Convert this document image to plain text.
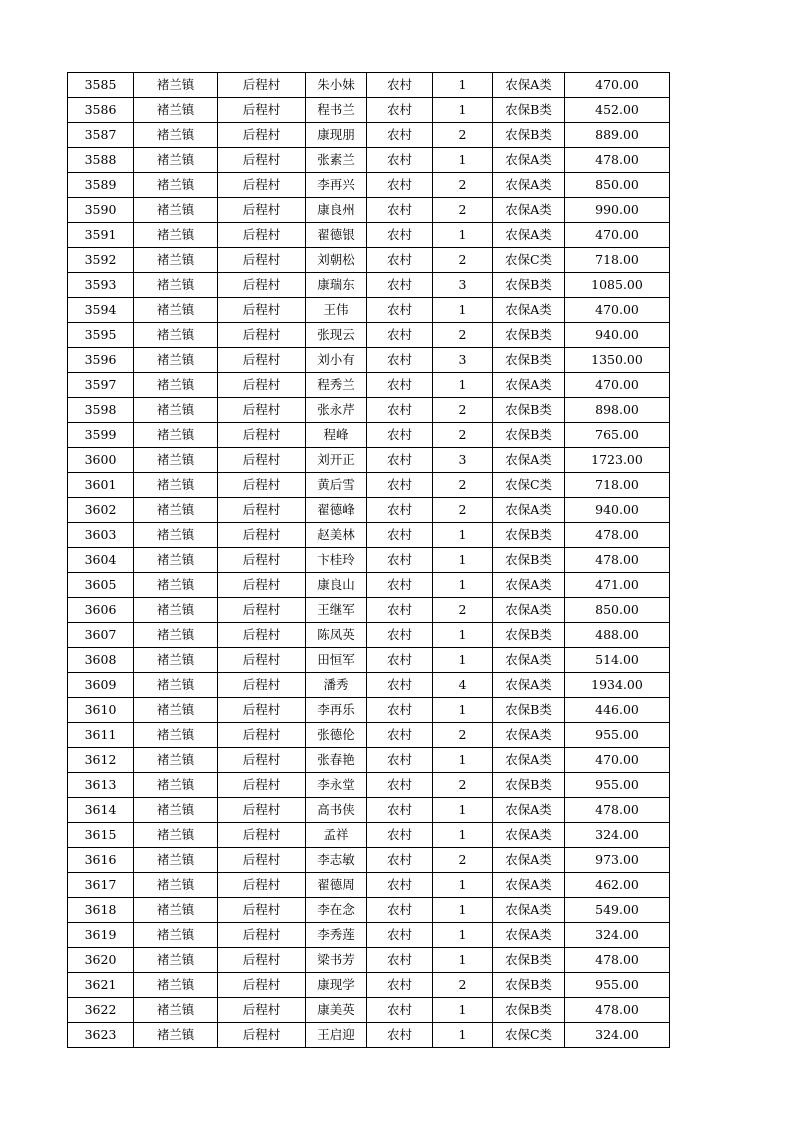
3585	褚兰镇	后程村	朱小妹	农村	1	农保A类	470.00
3586	褚兰镇	后程村	程书兰	农村	1	农保B类	452.00
3587	褚兰镇	后程村	康现朋	农村	2	农保B类	889.00
3588	褚兰镇	后程村	张素兰	农村	1	农保A类	478.00
3589	褚兰镇	后程村	李再兴	农村	2	农保A类	850.00
3590	褚兰镇	后程村	康良州	农村	2	农保A类	990.00
3591	褚兰镇	后程村	翟德银	农村	1	农保A类	470.00
3592	褚兰镇	后程村	刘朝松	农村	2	农保C类	718.00
3593	褚兰镇	后程村	康瑞东	农村	3	农保B类	1085.00
3594	褚兰镇	后程村	王伟	农村	1	农保A类	470.00
3595	褚兰镇	后程村	张现云	农村	2	农保B类	940.00
3596	褚兰镇	后程村	刘小有	农村	3	农保B类	1350.00
3597	褚兰镇	后程村	程秀兰	农村	1	农保A类	470.00
3598	褚兰镇	后程村	张永芹	农村	2	农保B类	898.00
3599	褚兰镇	后程村	程峰	农村	2	农保B类	765.00
3600	褚兰镇	后程村	刘开正	农村	3	农保A类	1723.00
3601	褚兰镇	后程村	黄后雪	农村	2	农保C类	718.00
3602	褚兰镇	后程村	翟德峰	农村	2	农保A类	940.00
3603	褚兰镇	后程村	赵美林	农村	1	农保B类	478.00
3604	褚兰镇	后程村	卞桂玲	农村	1	农保B类	478.00
3605	褚兰镇	后程村	康良山	农村	1	农保A类	471.00
3606	褚兰镇	后程村	王继军	农村	2	农保A类	850.00
3607	褚兰镇	后程村	陈凤英	农村	1	农保B类	488.00
3608	褚兰镇	后程村	田恒军	农村	1	农保A类	514.00
3609	褚兰镇	后程村	潘秀	农村	4	农保A类	1934.00
3610	褚兰镇	后程村	李再乐	农村	1	农保B类	446.00
3611	褚兰镇	后程村	张德伦	农村	2	农保A类	955.00
3612	褚兰镇	后程村	张春艳	农村	1	农保A类	470.00
3613	褚兰镇	后程村	李永堂	农村	2	农保B类	955.00
3614	褚兰镇	后程村	高书侠	农村	1	农保A类	478.00
3615	褚兰镇	后程村	孟祥	农村	1	农保A类	324.00
3616	褚兰镇	后程村	李志敏	农村	2	农保A类	973.00
3617	褚兰镇	后程村	翟德周	农村	1	农保A类	462.00
3618	褚兰镇	后程村	李在念	农村	1	农保A类	549.00
3619	褚兰镇	后程村	李秀莲	农村	1	农保A类	324.00
3620	褚兰镇	后程村	梁书芳	农村	1	农保B类	478.00
3621	褚兰镇	后程村	康现学	农村	2	农保B类	955.00
3622	褚兰镇	后程村	康美英	农村	1	农保B类	478.00
3623	褚兰镇	后程村	王启迎	农村	1	农保C类	324.00
